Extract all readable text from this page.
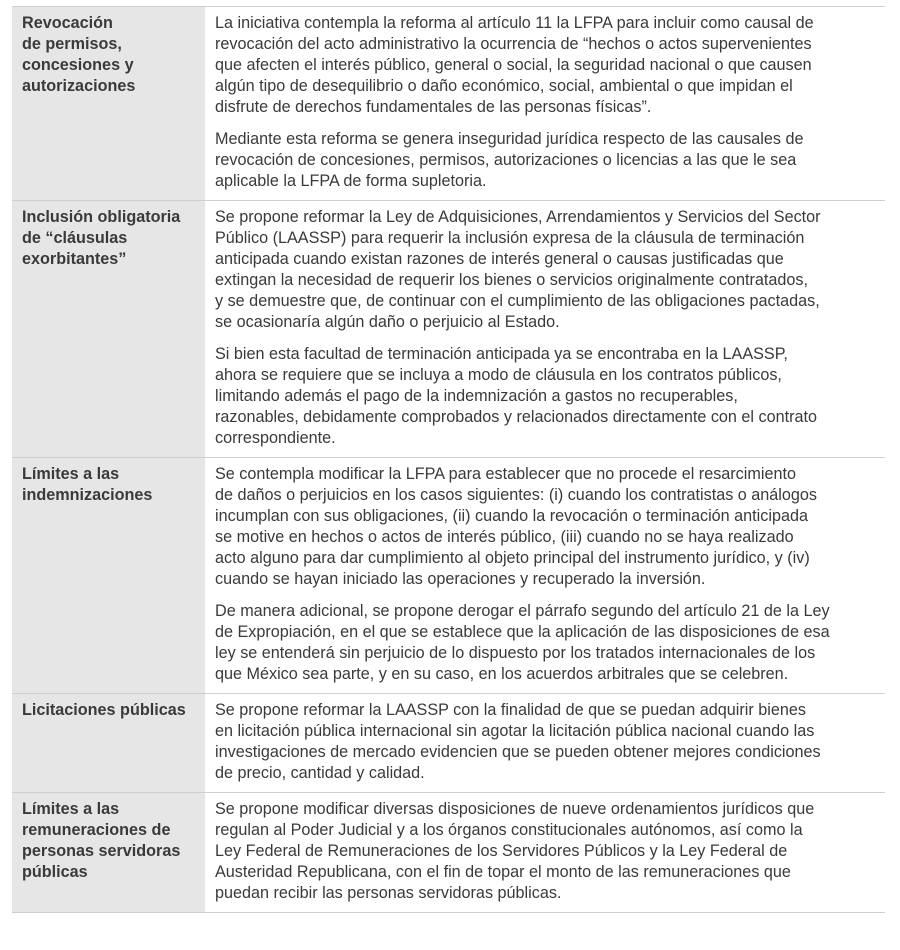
Revocación
de permisos,
concesiones y
autorizaciones

La iniciativa contempla la reforma al artículo 11 la LFPA para incluir como causal de
revocación del acto administrativo la ocurrencia de “hechos o actos supervenientes
que afecten el interés público, general o social, la seguridad nacional o que causen
algún tipo de desequilibrio o daño económico, social, ambiental o que impidan el
disfrute de derechos fundamentales de las personas físicas”.

Mediante esta reforma se genera inseguridad jurídica respecto de las causales de
revocación de concesiones, permisos, autorizaciones o licencias a las que le sea
aplicable la LFPA de forma supletoria.

Inclusión obligatoria
de “cláusulas
exorbitantes”

Se propone reformar la Ley de Adquisiciones, Arrendamientos y Servicios del Sector
Público (LAASSP) para requerir la inclusión expresa de la cláusula de terminación
anticipada cuando existan razones de interés general o causas justificadas que
extingan la necesidad de requerir los bienes o servicios originalmente contratados,
y se demuestre que, de continuar con el cumplimiento de las obligaciones pactadas,
se ocasionaría algún daño o perjuicio al Estado.

Si bien esta facultad de terminación anticipada ya se encontraba en la LAASSP,
ahora se requiere que se incluya a modo de cláusula en los contratos públicos,
limitando además el pago de la indemnización a gastos no recuperables,
razonables, debidamente comprobados y relacionados directamente con el contrato
correspondiente.

Límites a las
indemnizaciones

Se contempla modificar la LFPA para establecer que no procede el resarcimiento
de daños o perjuicios en los casos siguientes: (i) cuando los contratistas o análogos
incumplan con sus obligaciones, (ii) cuando la revocación o terminación anticipada
se motive en hechos o actos de interés público, (iii) cuando no se haya realizado
acto alguno para dar cumplimiento al objeto principal del instrumento jurídico, y (iv)
cuando se hayan iniciado las operaciones y recuperado la inversión.

De manera adicional, se propone derogar el párrafo segundo del artículo 21 de la Ley
de Expropiación, en el que se establece que la aplicación de las disposiciones de esa
ley se entenderá sin perjuicio de lo dispuesto por los tratados internacionales de los
que México sea parte, y en su caso, en los acuerdos arbitrales que se celebren.

Licitaciones públicas	Se propone reformar la LAASSP con la finalidad de que se puedan adquirir bienes
en licitación pública internacional sin agotar la licitación pública nacional cuando las
investigaciones de mercado evidencien que se pueden obtener mejores condiciones
de precio, cantidad y calidad.

Límites a las
remuneraciones de
personas servidoras
públicas

Se propone modificar diversas disposiciones de nueve ordenamientos jurídicos que
regulan al Poder Judicial y a los órganos constitucionales autónomos, así como la
Ley Federal de Remuneraciones de los Servidores Públicos y la Ley Federal de
Austeridad Republicana, con el fin de topar el monto de las remuneraciones que
puedan recibir las personas servidoras públicas.
